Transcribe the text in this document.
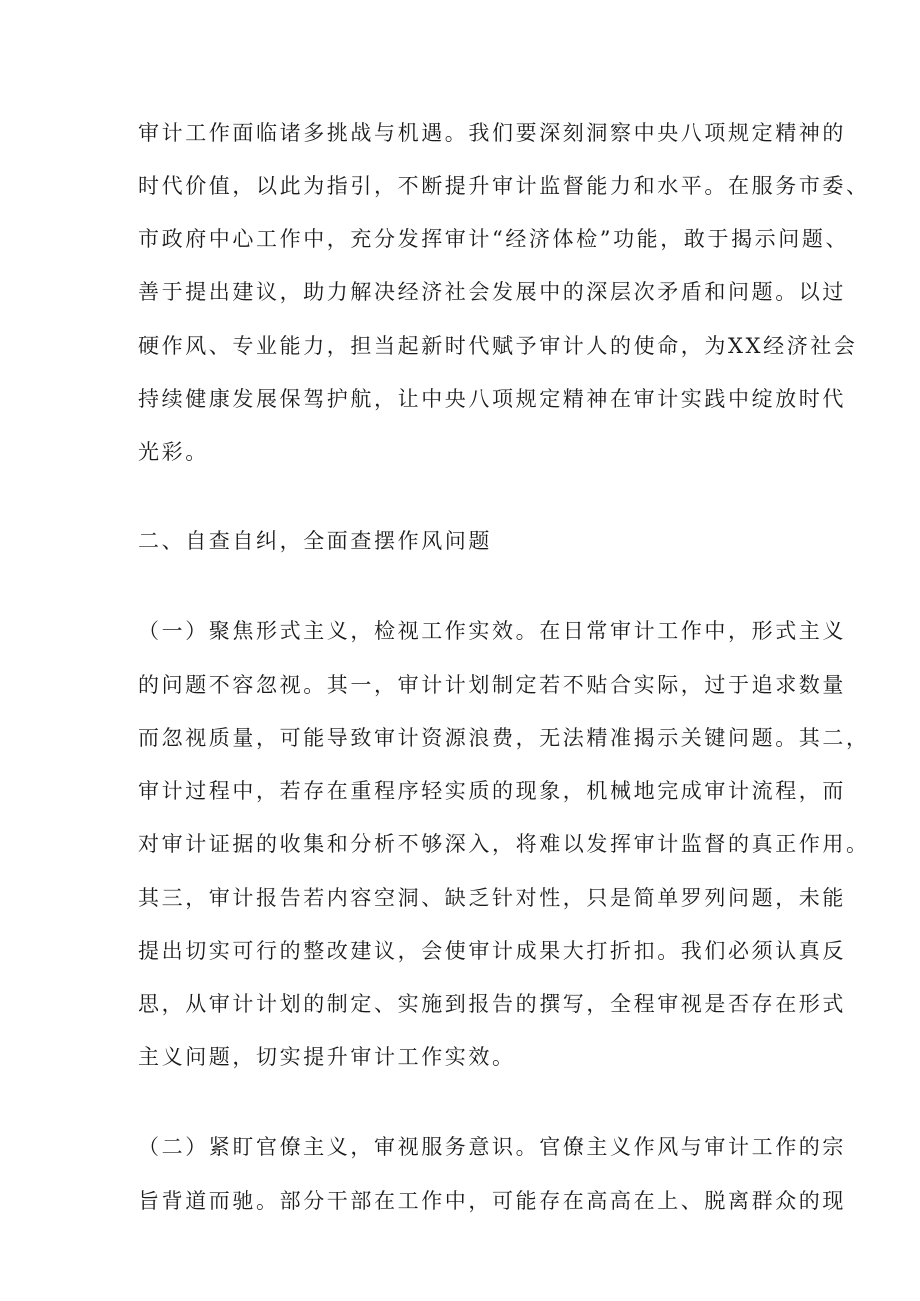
审计工作面临诸多挑战与机遇。我们要深刻洞察中央八项规定精神的
时代价值，以此为指引，不断提升审计监督能力和水平。在服务市委、
市政府中心工作中，充分发挥审计“经济体检”功能，敢于揭示问题、
善于提出建议，助力解决经济社会发展中的深层次矛盾和问题。以过
硬作风、专业能力，担当起新时代赋予审计人的使命，为XX经济社会
持续健康发展保驾护航，让中央八项规定精神在审计实践中绽放时代
光彩。
二、自查自纠，全面查摆作风问题
（一）聚焦形式主义，检视工作实效。在日常审计工作中，形式主义
的问题不容忽视。其一，审计计划制定若不贴合实际，过于追求数量
而忽视质量，可能导致审计资源浪费，无法精准揭示关键问题。其二，
审计过程中，若存在重程序轻实质的现象，机械地完成审计流程，而
对审计证据的收集和分析不够深入，将难以发挥审计监督的真正作用。
其三，审计报告若内容空洞、缺乏针对性，只是简单罗列问题，未能
提出切实可行的整改建议，会使审计成果大打折扣。我们必须认真反
思，从审计计划的制定、实施到报告的撰写，全程审视是否存在形式
主义问题，切实提升审计工作实效。
（二）紧盯官僚主义，审视服务意识。官僚主义作风与审计工作的宗
旨背道而驰。部分干部在工作中，可能存在高高在上、脱离群众的现
